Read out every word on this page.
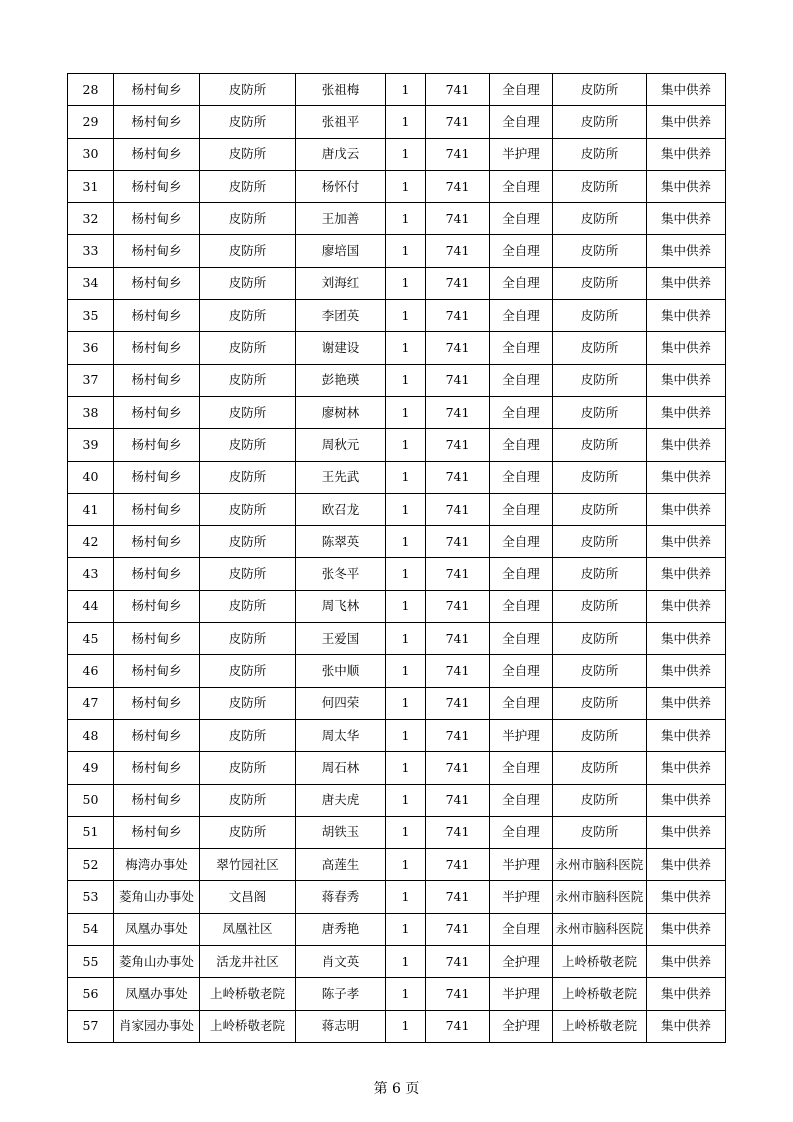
28	杨村甸乡	皮防所	张祖梅	1	741	全自理	皮防所	集中供养
29	杨村甸乡	皮防所	张祖平	1	741	全自理	皮防所	集中供养
30	杨村甸乡	皮防所	唐戊云	1	741	半护理	皮防所	集中供养
31	杨村甸乡	皮防所	杨怀付	1	741	全自理	皮防所	集中供养
32	杨村甸乡	皮防所	王加善	1	741	全自理	皮防所	集中供养
33	杨村甸乡	皮防所	廖培国	1	741	全自理	皮防所	集中供养
34	杨村甸乡	皮防所	刘海红	1	741	全自理	皮防所	集中供养
35	杨村甸乡	皮防所	李团英	1	741	全自理	皮防所	集中供养
36	杨村甸乡	皮防所	谢建设	1	741	全自理	皮防所	集中供养
37	杨村甸乡	皮防所	彭艳瑛	1	741	全自理	皮防所	集中供养
38	杨村甸乡	皮防所	廖树林	1	741	全自理	皮防所	集中供养
39	杨村甸乡	皮防所	周秋元	1	741	全自理	皮防所	集中供养
40	杨村甸乡	皮防所	王先武	1	741	全自理	皮防所	集中供养
41	杨村甸乡	皮防所	欧召龙	1	741	全自理	皮防所	集中供养
42	杨村甸乡	皮防所	陈翠英	1	741	全自理	皮防所	集中供养
43	杨村甸乡	皮防所	张冬平	1	741	全自理	皮防所	集中供养
44	杨村甸乡	皮防所	周飞林	1	741	全自理	皮防所	集中供养
45	杨村甸乡	皮防所	王爱国	1	741	全自理	皮防所	集中供养
46	杨村甸乡	皮防所	张中顺	1	741	全自理	皮防所	集中供养
47	杨村甸乡	皮防所	何四荣	1	741	全自理	皮防所	集中供养
48	杨村甸乡	皮防所	周太华	1	741	半护理	皮防所	集中供养
49	杨村甸乡	皮防所	周石林	1	741	全自理	皮防所	集中供养
50	杨村甸乡	皮防所	唐夫虎	1	741	全自理	皮防所	集中供养
51	杨村甸乡	皮防所	胡铁玉	1	741	全自理	皮防所	集中供养
52	梅湾办事处	翠竹园社区	高莲生	1	741	半护理	永州市脑科医院	集中供养
53	菱角山办事处	文昌阁	蒋春秀	1	741	半护理	永州市脑科医院	集中供养
54	凤凰办事处	凤凰社区	唐秀艳	1	741	全自理	永州市脑科医院	集中供养
55	菱角山办事处	活龙井社区	肖文英	1	741	全护理	上岭桥敬老院	集中供养
56	凤凰办事处	上岭桥敬老院	陈子孝	1	741	半护理	上岭桥敬老院	集中供养
57	肖家园办事处	上岭桥敬老院	蒋志明	1	741	全护理	上岭桥敬老院	集中供养
第 6 页
